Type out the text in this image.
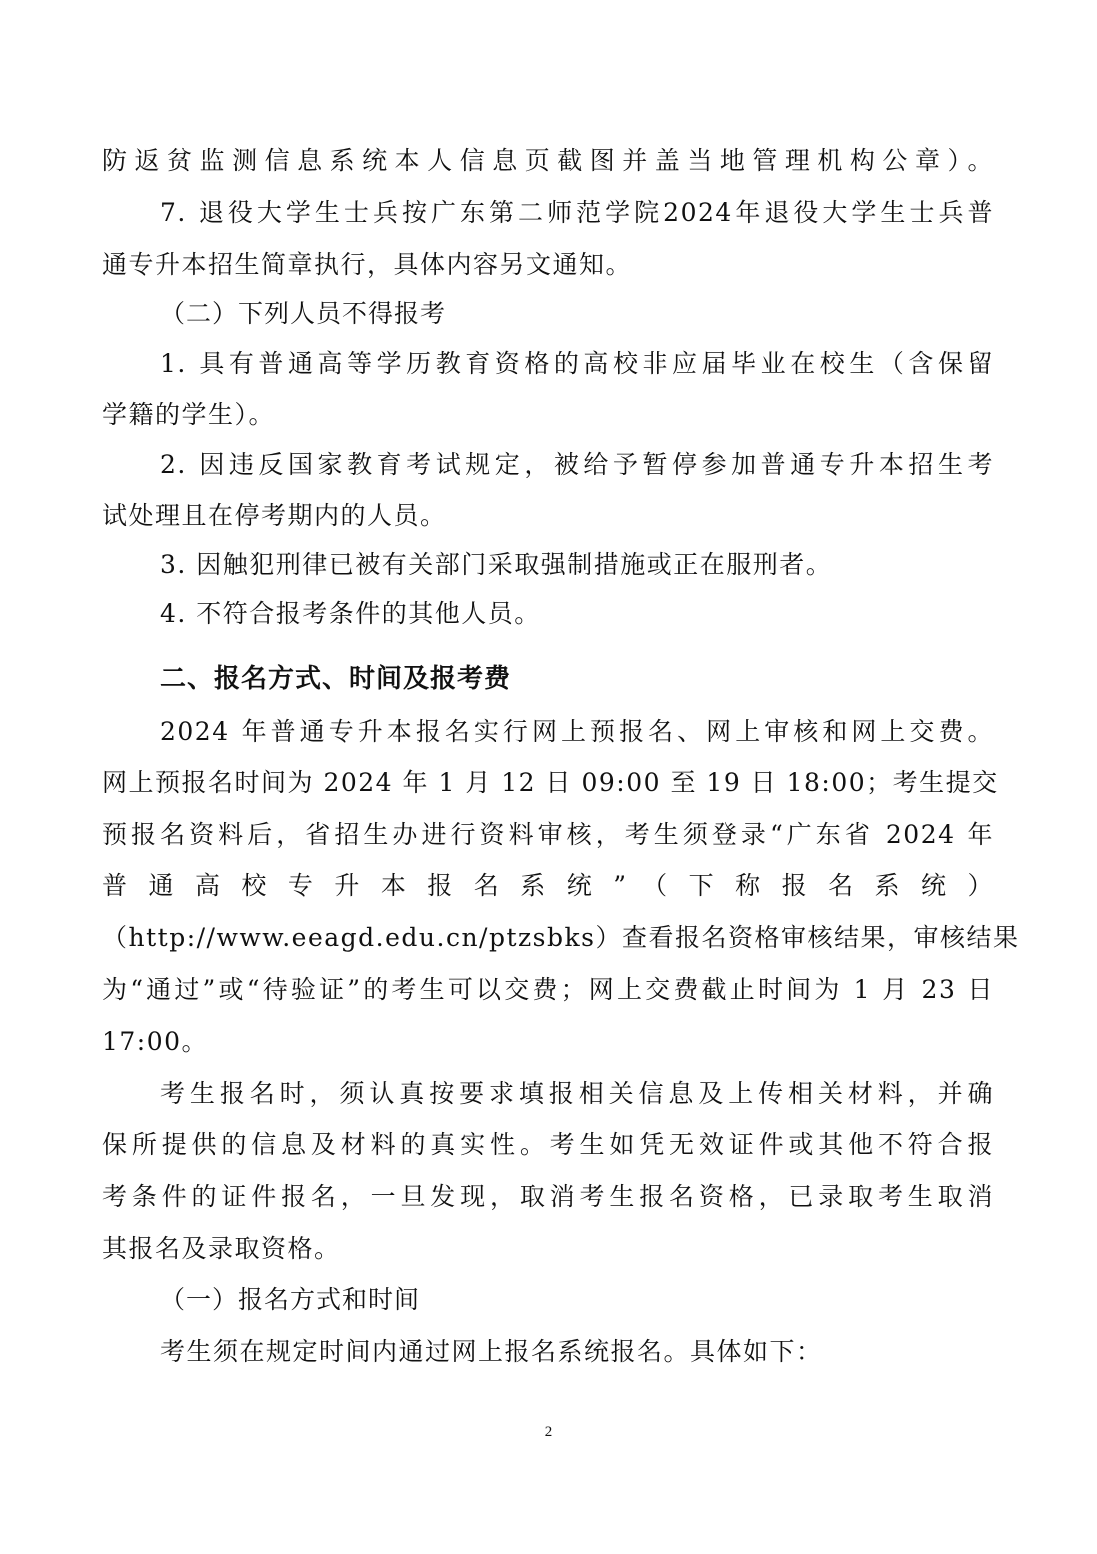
防返贫监测信息系统本人信息页截图并盖当地管理机构公章）。
7. 退役大学生士兵按广东第二师范学院2024年退役大学生士兵普
通专升本招生简章执行，具体内容另文通知。
（二）下列人员不得报考
1. 具有普通高等学历教育资格的高校非应届毕业在校生（含保留
学籍的学生）。
2. 因违反国家教育考试规定，被给予暂停参加普通专升本招生考
试处理且在停考期内的人员。
3. 因触犯刑律已被有关部门采取强制措施或正在服刑者。
4. 不符合报考条件的其他人员。
二、报名方式、时间及报考费
2024 年普通专升本报名实行网上预报名、网上审核和网上交费。
网上预报名时间为 2024 年 1 月 12 日 09:00 至 19 日 18:00；考生提交
预报名资料后，省招生办进行资料审核，考生须登录“广东省 2024 年
普 通 高 校 专 升 本 报 名 系 统 ” （ 下 称 报 名 系 统 ）
（http://www.eeagd.edu.cn/ptzsbks）查看报名资格审核结果，审核结果
为“通过”或“待验证”的考生可以交费；网上交费截止时间为 1 月 23 日
17:00。
考生报名时，须认真按要求填报相关信息及上传相关材料，并确
保所提供的信息及材料的真实性。考生如凭无效证件或其他不符合报
考条件的证件报名，一旦发现，取消考生报名资格，已录取考生取消
其报名及录取资格。
（一）报名方式和时间
考生须在规定时间内通过网上报名系统报名。具体如下：
2
